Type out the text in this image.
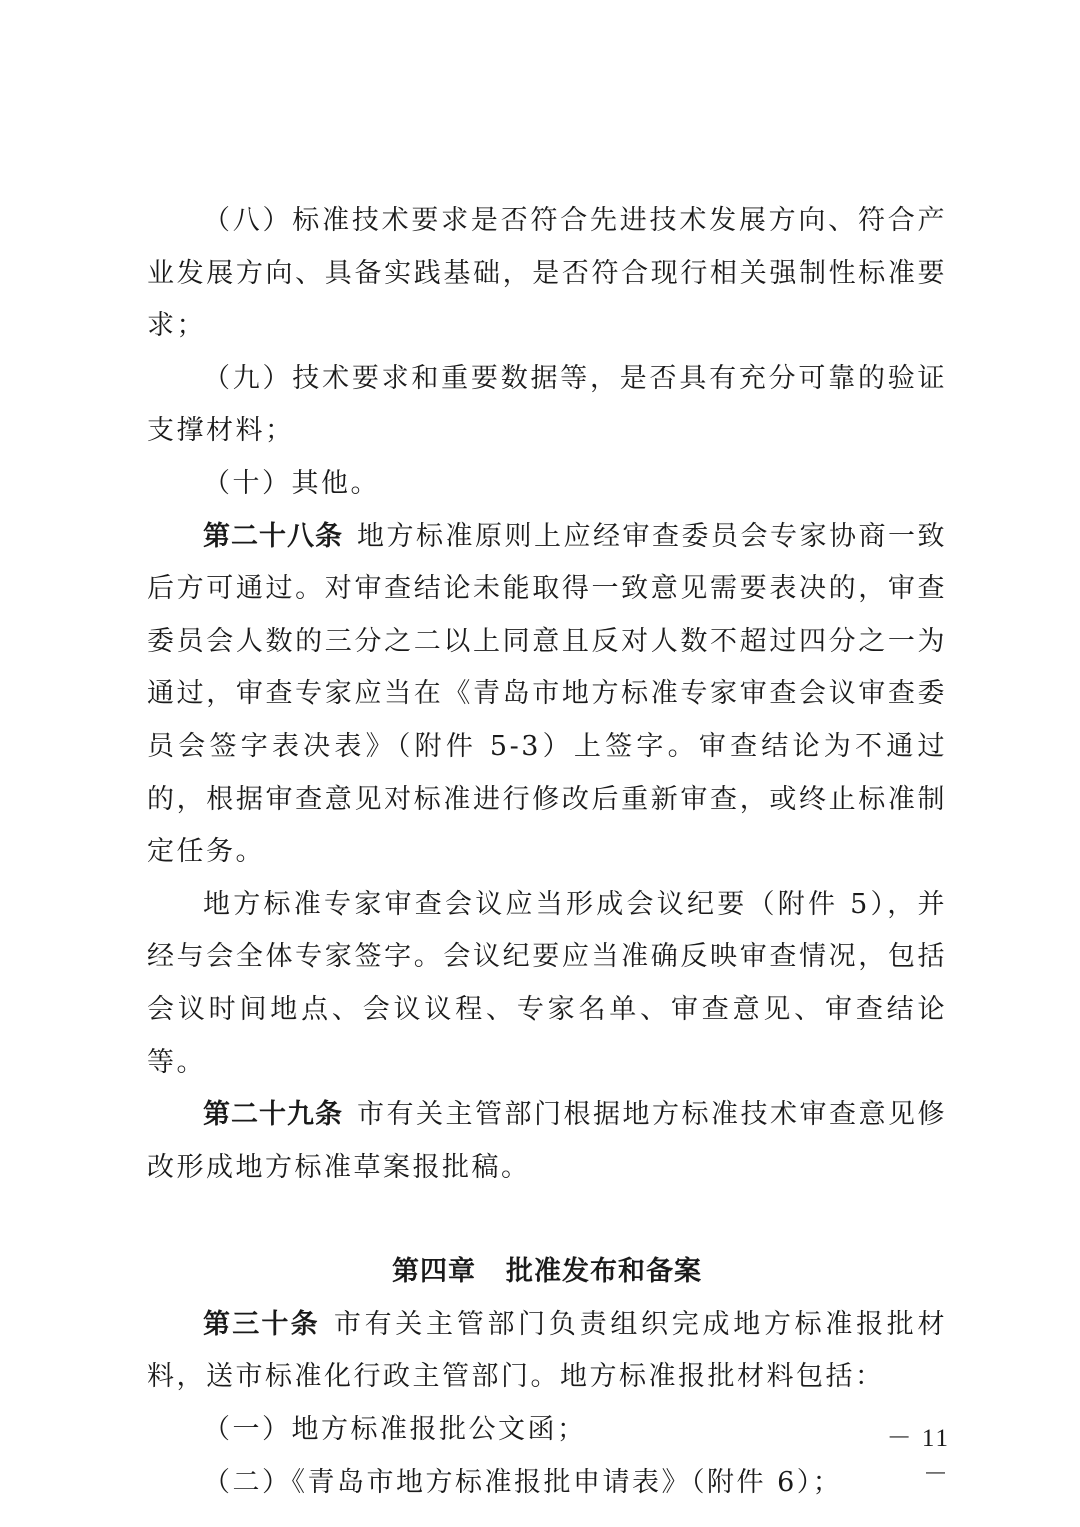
（八）标准技术要求是否符合先进技术发展方向、符合产业发展方向、具备实践基础，是否符合现行相关强制性标准要求；

（九）技术要求和重要数据等，是否具有充分可靠的验证支撑材料；

（十）其他。

第二十八条 地方标准原则上应经审查委员会专家协商一致后方可通过。对审查结论未能取得一致意见需要表决的，审查委员会人数的三分之二以上同意且反对人数不超过四分之一为通过，审查专家应当在《青岛市地方标准专家审查会议审查委员会签字表决表》（附件 5-3）上签字。审查结论为不通过的，根据审查意见对标准进行修改后重新审查，或终止标准制定任务。

地方标准专家审查会议应当形成会议纪要（附件 5），并经与会全体专家签字。会议纪要应当准确反映审查情况，包括会议时间地点、会议议程、专家名单、审查意见、审查结论等。

第二十九条 市有关主管部门根据地方标准技术审查意见修改形成地方标准草案报批稿。

第四章 批准发布和备案

第三十条 市有关主管部门负责组织完成地方标准报批材料，送市标准化行政主管部门。地方标准报批材料包括：

（一）地方标准报批公文函；

（二）《青岛市地方标准报批申请表》（附件 6）；

－ 11 －
